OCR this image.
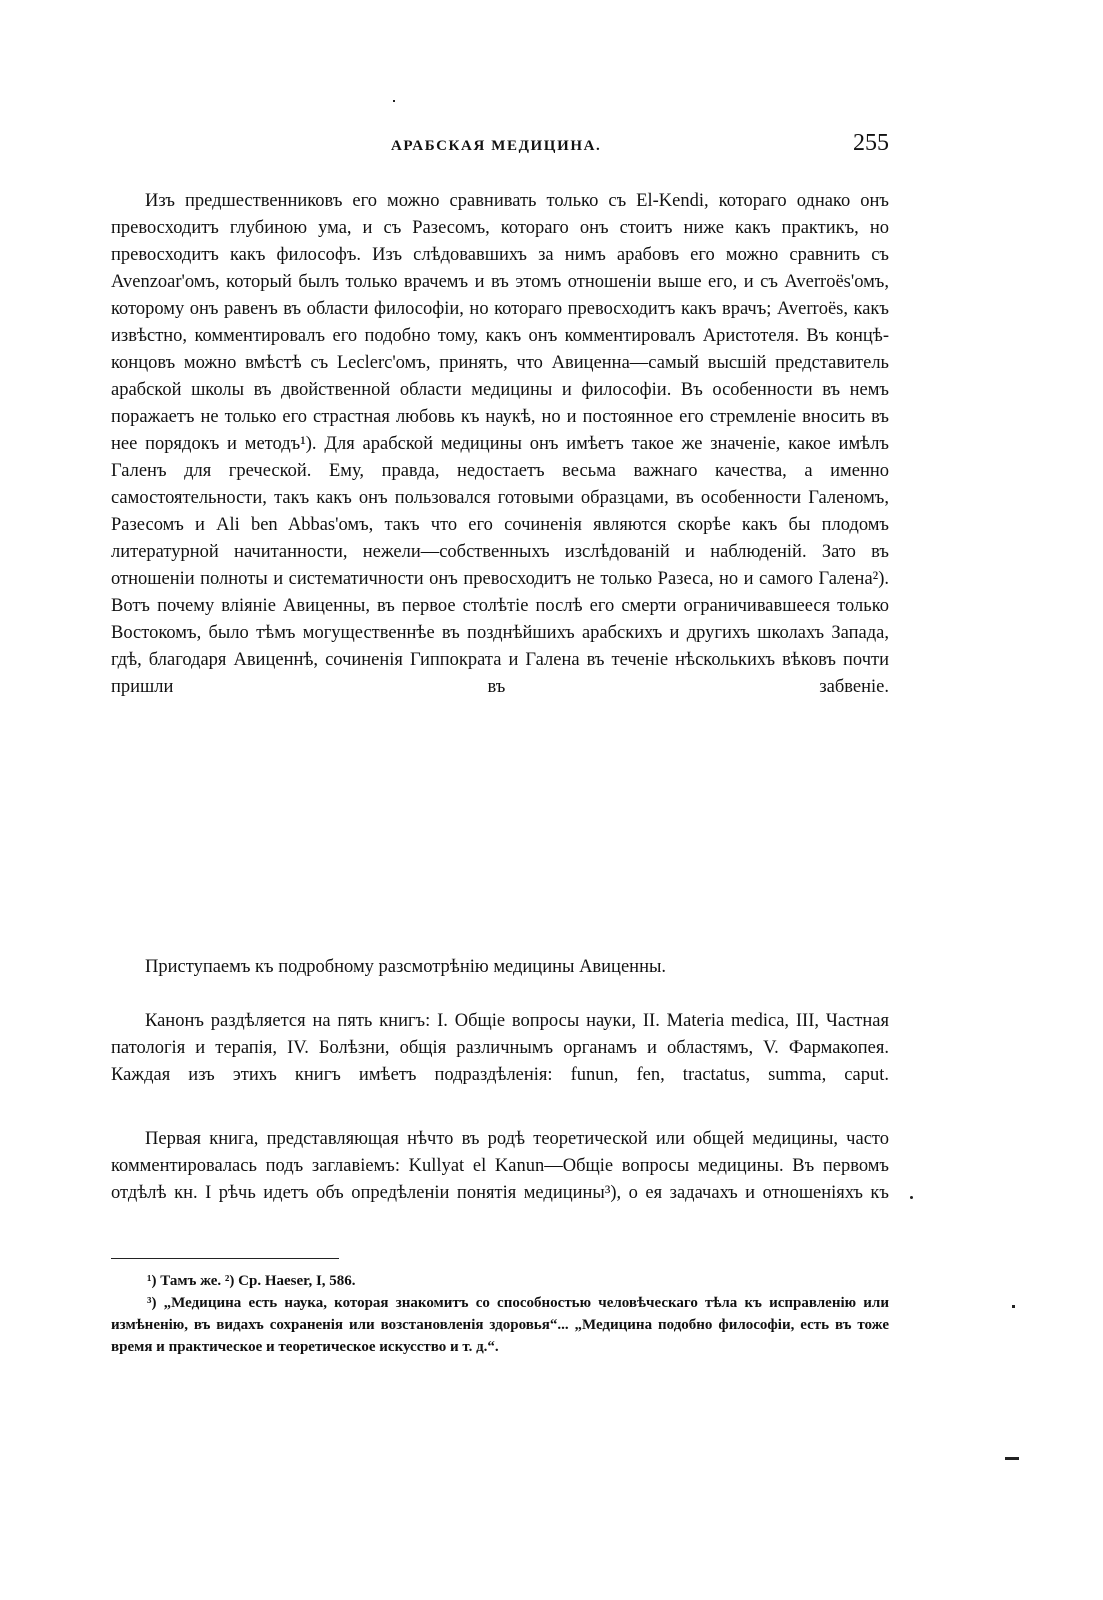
АРАБСКАЯ МЕДИЦИНА.	255

Изъ предшественниковъ его можно сравнивать только съ El-Kendi, котораго однако онъ превосходитъ глубиною ума, и съ Разесомъ, котораго онъ стоитъ ниже какъ практикъ, но превосходитъ какъ философъ. Изъ слѣдовавшихъ за нимъ арабовъ его можно сравнить съ Avenzoar'омъ, который былъ только врачемъ и въ этомъ отношеніи выше его, и съ Averroës'омъ, которому онъ равенъ въ области философіи, но котораго превосходитъ какъ врачъ; Averroës, какъ извѣстно, комментировалъ его подобно тому, какъ онъ комментировалъ Аристотеля. Въ концѣ-концовъ можно вмѣстѣ съ Leclerc'омъ, принять, что Авиценна—самый высшій представитель арабской школы въ двойственной области медицины и философіи. Въ особенности въ немъ поражаетъ не только его страстная любовь къ наукѣ, но и постоянное его стремленіе вносить въ нее порядокъ и методъ¹). Для арабской медицины онъ имѣетъ такое же значеніе, какое имѣлъ Галенъ для греческой. Ему, правда, недостаетъ весьма важнаго качества, а именно самостоятельности, такъ какъ онъ пользовался готовыми образцами, въ особенности Галеномъ, Разесомъ и Ali ben Abbas'омъ, такъ что его сочиненія являются скорѣе какъ бы плодомъ литературной начитанности, нежели—собственныхъ изслѣдованій и наблюденій. Зато въ отношеніи полноты и систематичности онъ превосходитъ не только Разеса, но и самого Галена²). Вотъ почему вліяніе Авиценны, въ первое столѣтіе послѣ его смерти ограничивавшееся только Востокомъ, было тѣмъ могущественнѣе въ позднѣйшихъ арабскихъ и другихъ школахъ Запада, гдѣ, благодаря Авиценнѣ, сочиненія Гиппократа и Галена въ теченіе нѣсколькихъ вѣковъ почти пришли въ забвеніе.

Приступаемъ къ подробному разсмотрѣнію медицины Авиценны.

Канонъ раздѣляется на пять книгъ: I. Общіе вопросы науки, II. Materia medica, III, Частная патологія и терапія, IV. Болѣзни, общія различнымъ органамъ и областямъ, V. Фармакопея. Каждая изъ этихъ книгъ имѣетъ подраздѣленія: funun, fen, tractatus, summa, caput.

Первая книга, представляющая нѣчто въ родѣ теоретической или общей медицины, часто комментировалась подъ заглавіемъ: Kullyat el Kanun—Общіе вопросы медицины. Въ первомъ отдѣлѣ кн. I рѣчь идетъ объ опредѣленіи понятія медицины³), о ея задачахъ и отношеніяхъ къ

¹) Тамъ же. ²) Ср. Haeser, I, 586.

³) „Медицина есть наука, которая знакомитъ со способностью человѣческаго тѣла къ исправленію или измѣненію, въ видахъ сохраненія или возстановленія здоровья“... „Медицина подобно философіи, есть въ тоже время и практическое и теоретическое искусство и т. д.“.
